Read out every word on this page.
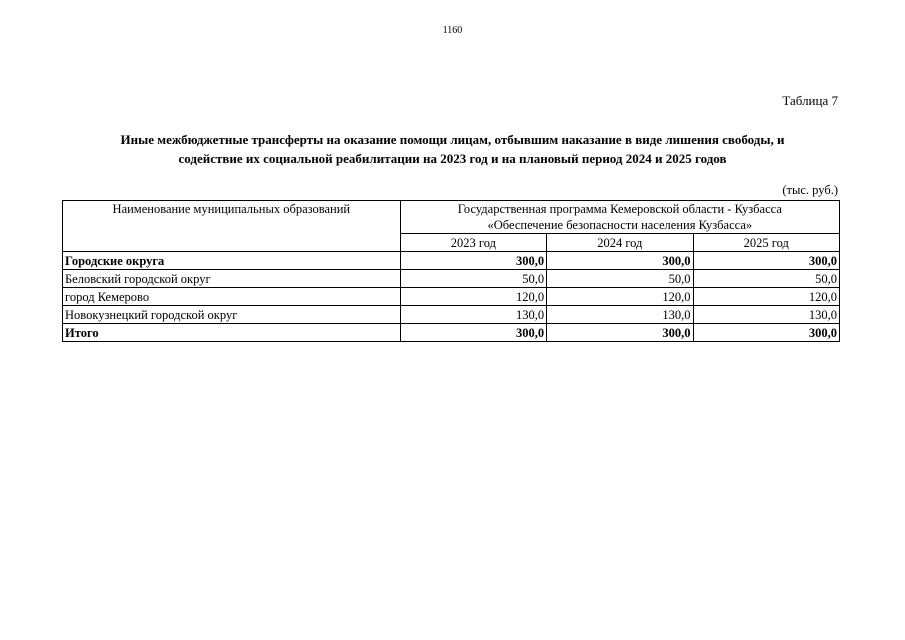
1160
Таблица 7
Иные межбюджетные трансферты на оказание помощи лицам, отбывшим наказание в виде лишения свободы, и
содействие их социальной реабилитации на 2023 год и на плановый период 2024 и 2025 годов
(тыс. руб.)
Наименование муниципальных образований	Государственная программа Кемеровской области - Кузбасса
«Обеспечение безопасности населения Кузбасса»		

	2023 год	2024 год	2025 год
Городские округа	300,0	300,0	300,0
Беловский городской округ	50,0	50,0	50,0
город Кемерово	120,0	120,0	120,0
Новокузнецкий городской округ	130,0	130,0	130,0
Итого	300,0	300,0	300,0
